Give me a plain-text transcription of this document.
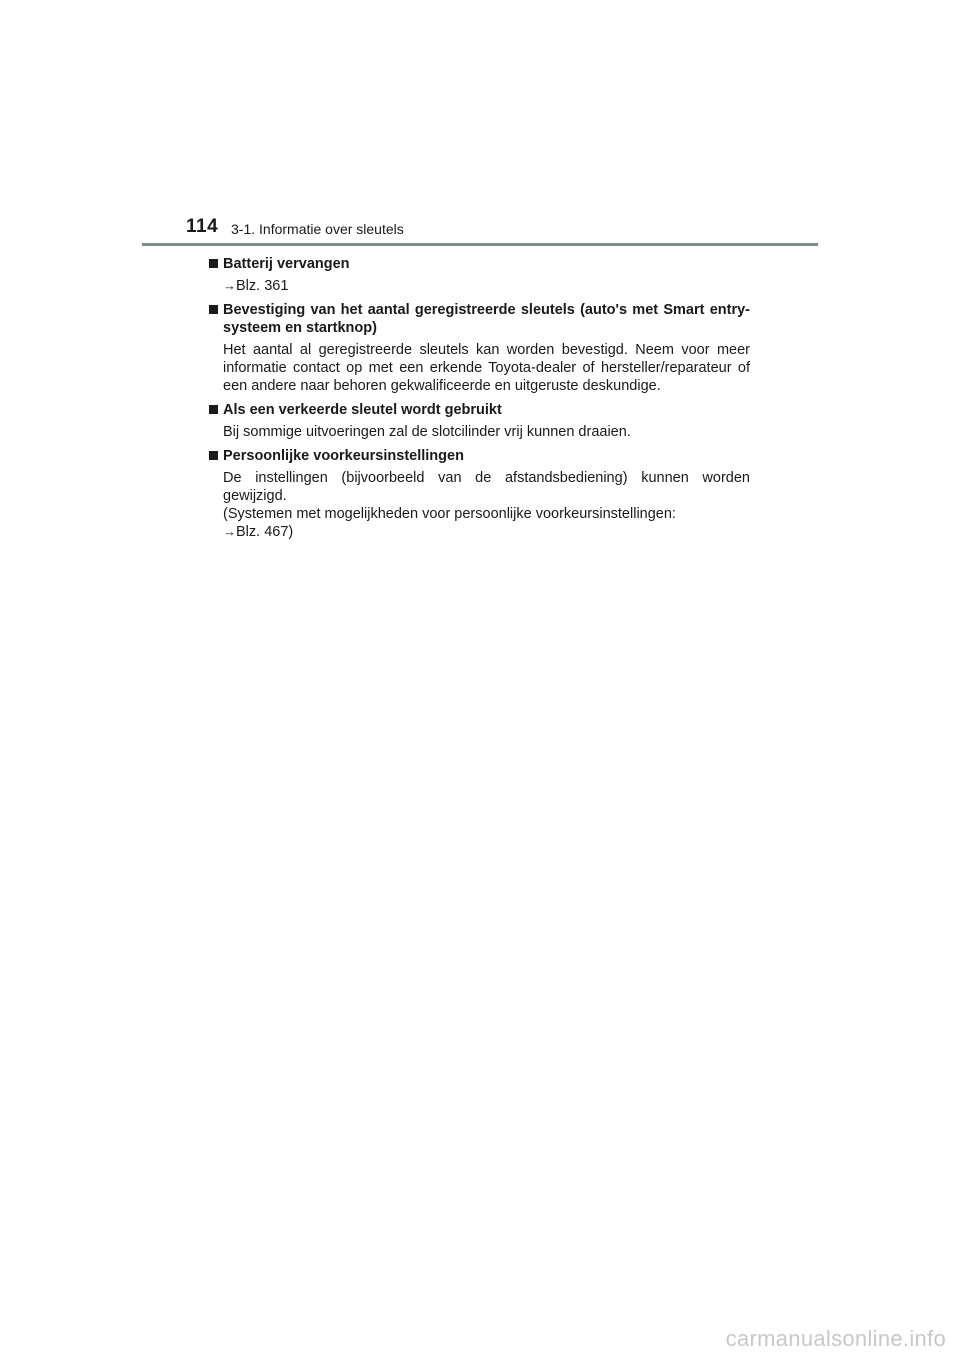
114 3-1. Informatie over sleutels
Batterij vervangen
→Blz. 361
Bevestiging van het aantal geregistreerde sleutels (auto's met Smart entry-systeem en startknop)
Het aantal al geregistreerde sleutels kan worden bevestigd. Neem voor meer informatie contact op met een erkende Toyota-dealer of hersteller/reparateur of een andere naar behoren gekwalificeerde en uitgeruste deskundige.
Als een verkeerde sleutel wordt gebruikt
Bij sommige uitvoeringen zal de slotcilinder vrij kunnen draaien.
Persoonlijke voorkeursinstellingen
De instellingen (bijvoorbeeld van de afstandsbediening) kunnen worden gewijzigd.
(Systemen met mogelijkheden voor persoonlijke voorkeursinstellingen:
→Blz. 467)
carmanualsonline.info
